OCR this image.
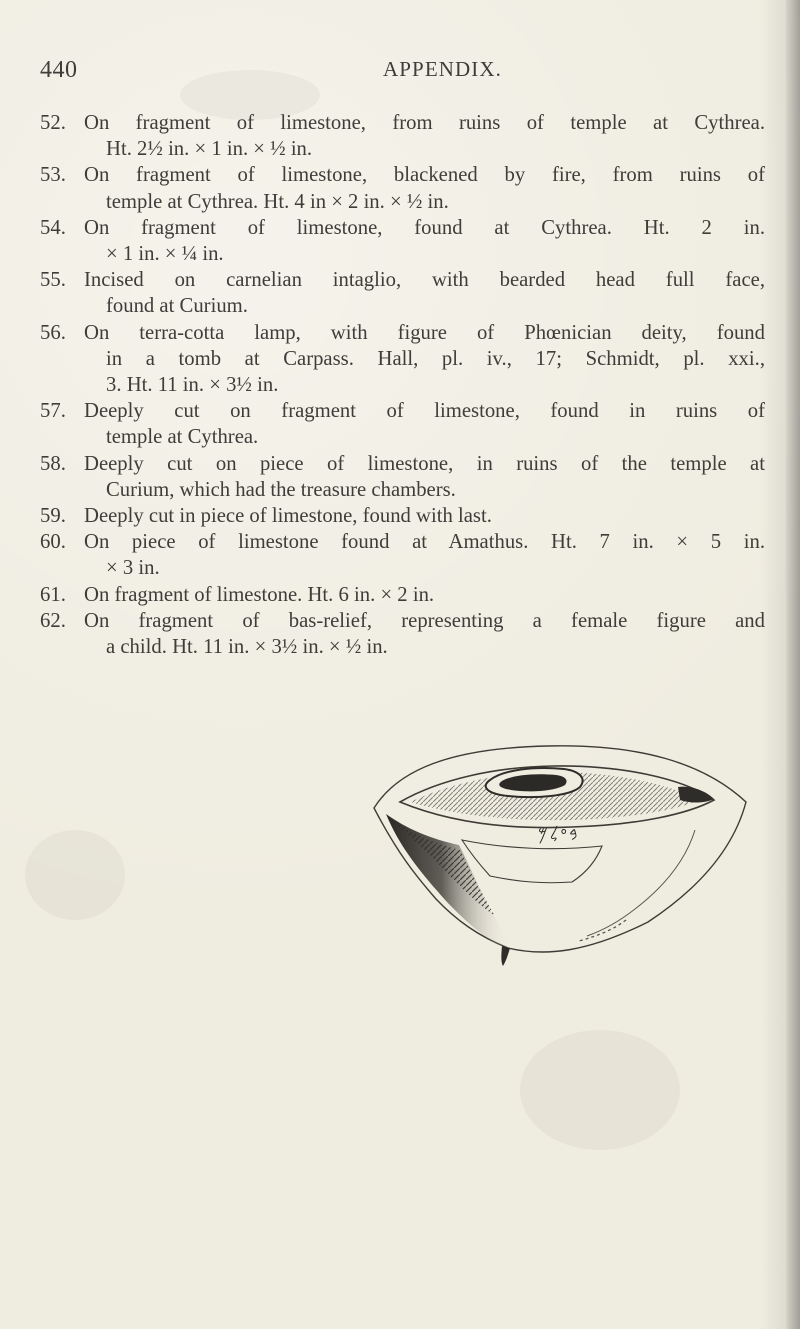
440	APPENDIX.
52. On fragment of limestone, from ruins of temple at Cythrea.
Ht. 2½ in. × 1 in. × ½ in.
53. On fragment of limestone, blackened by fire, from ruins of
temple at Cythrea. Ht. 4 in × 2 in. × ½ in.
54. On fragment of limestone, found at Cythrea. Ht. 2 in.
× 1 in. × ¼ in.
55. Incised on carnelian intaglio, with bearded head full face,
found at Curium.
56. On terra-cotta lamp, with figure of Phœnician deity, found
in a tomb at Carpass. Hall, pl. iv., 17; Schmidt, pl. xxi.,
3. Ht. 11 in. × 3½ in.
57. Deeply cut on fragment of limestone, found in ruins of
temple at Cythrea.
58. Deeply cut on piece of limestone, in ruins of the temple at
Curium, which had the treasure chambers.
59. Deeply cut in piece of limestone, found with last.
60. On piece of limestone found at Amathus. Ht. 7 in. × 5 in.
× 3 in.
61. On fragment of limestone. Ht. 6 in. × 2 in.
62. On fragment of bas-relief, representing a female figure and
a child. Ht. 11 in. × 3½ in. × ½ in.
𐤁𐤏𐤋𐤌
